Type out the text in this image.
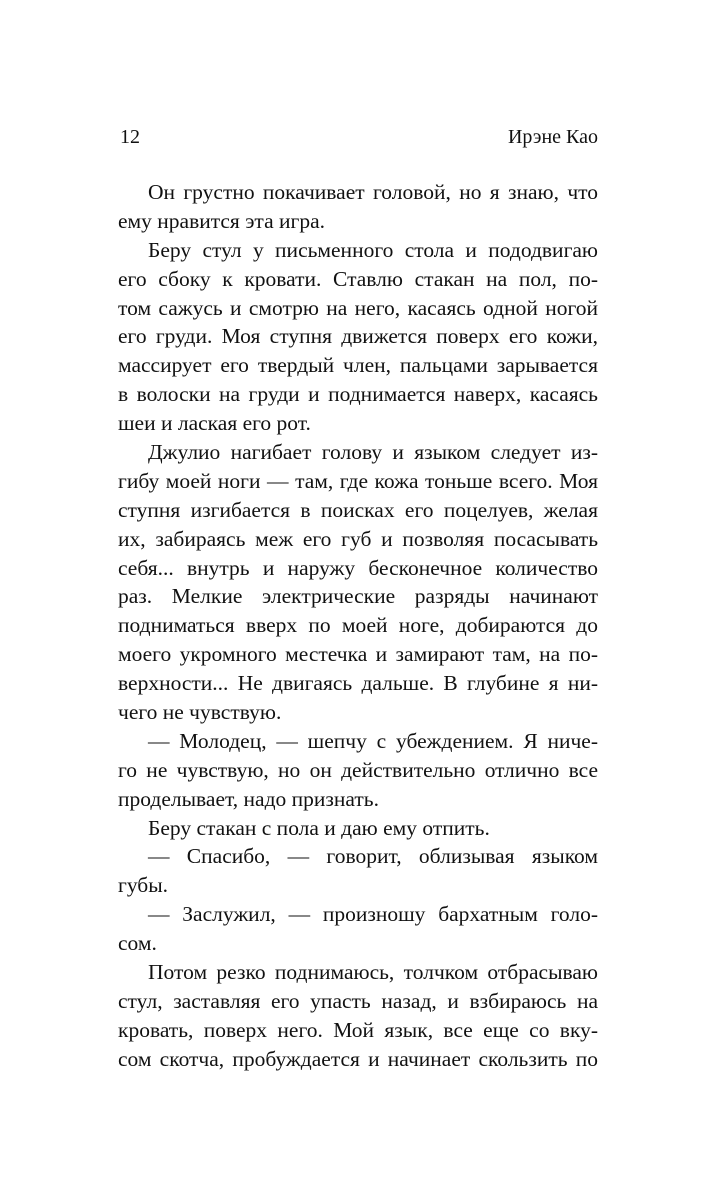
12	Ирэне Као
Он грустно покачивает головой, но я знаю, что
ему нравится эта игра.
Беру стул у письменного стола и пододвигаю
его сбоку к кровати. Ставлю стакан на пол, по-
том сажусь и смотрю на него, касаясь одной ногой
его груди. Моя ступня движется поверх его кожи,
массирует его твердый член, пальцами зарывается
в волоски на груди и поднимается наверх, касаясь
шеи и лаская его рот.
Джулио нагибает голову и языком следует из-
гибу моей ноги — там, где кожа тоньше всего. Моя
ступня изгибается в поисках его поцелуев, желая
их, забираясь меж его губ и позволяя посасывать
себя... внутрь и наружу бесконечное количество
раз. Мелкие электрические разряды начинают
подниматься вверх по моей ноге, добираются до
моего укромного местечка и замирают там, на по-
верхности... Не двигаясь дальше. В глубине я ни-
чего не чувствую.
— Молодец, — шепчу с убеждением. Я ниче-
го не чувствую, но он действительно отлично все
проделывает, надо признать.
Беру стакан с пола и даю ему отпить.
— Спасибо, — говорит, облизывая языком
губы.
— Заслужил, — произношу бархатным голо-
сом.
Потом резко поднимаюсь, толчком отбрасываю
стул, заставляя его упасть назад, и взбираюсь на
кровать, поверх него. Мой язык, все еще со вку-
сом скотча, пробуждается и начинает скользить по
